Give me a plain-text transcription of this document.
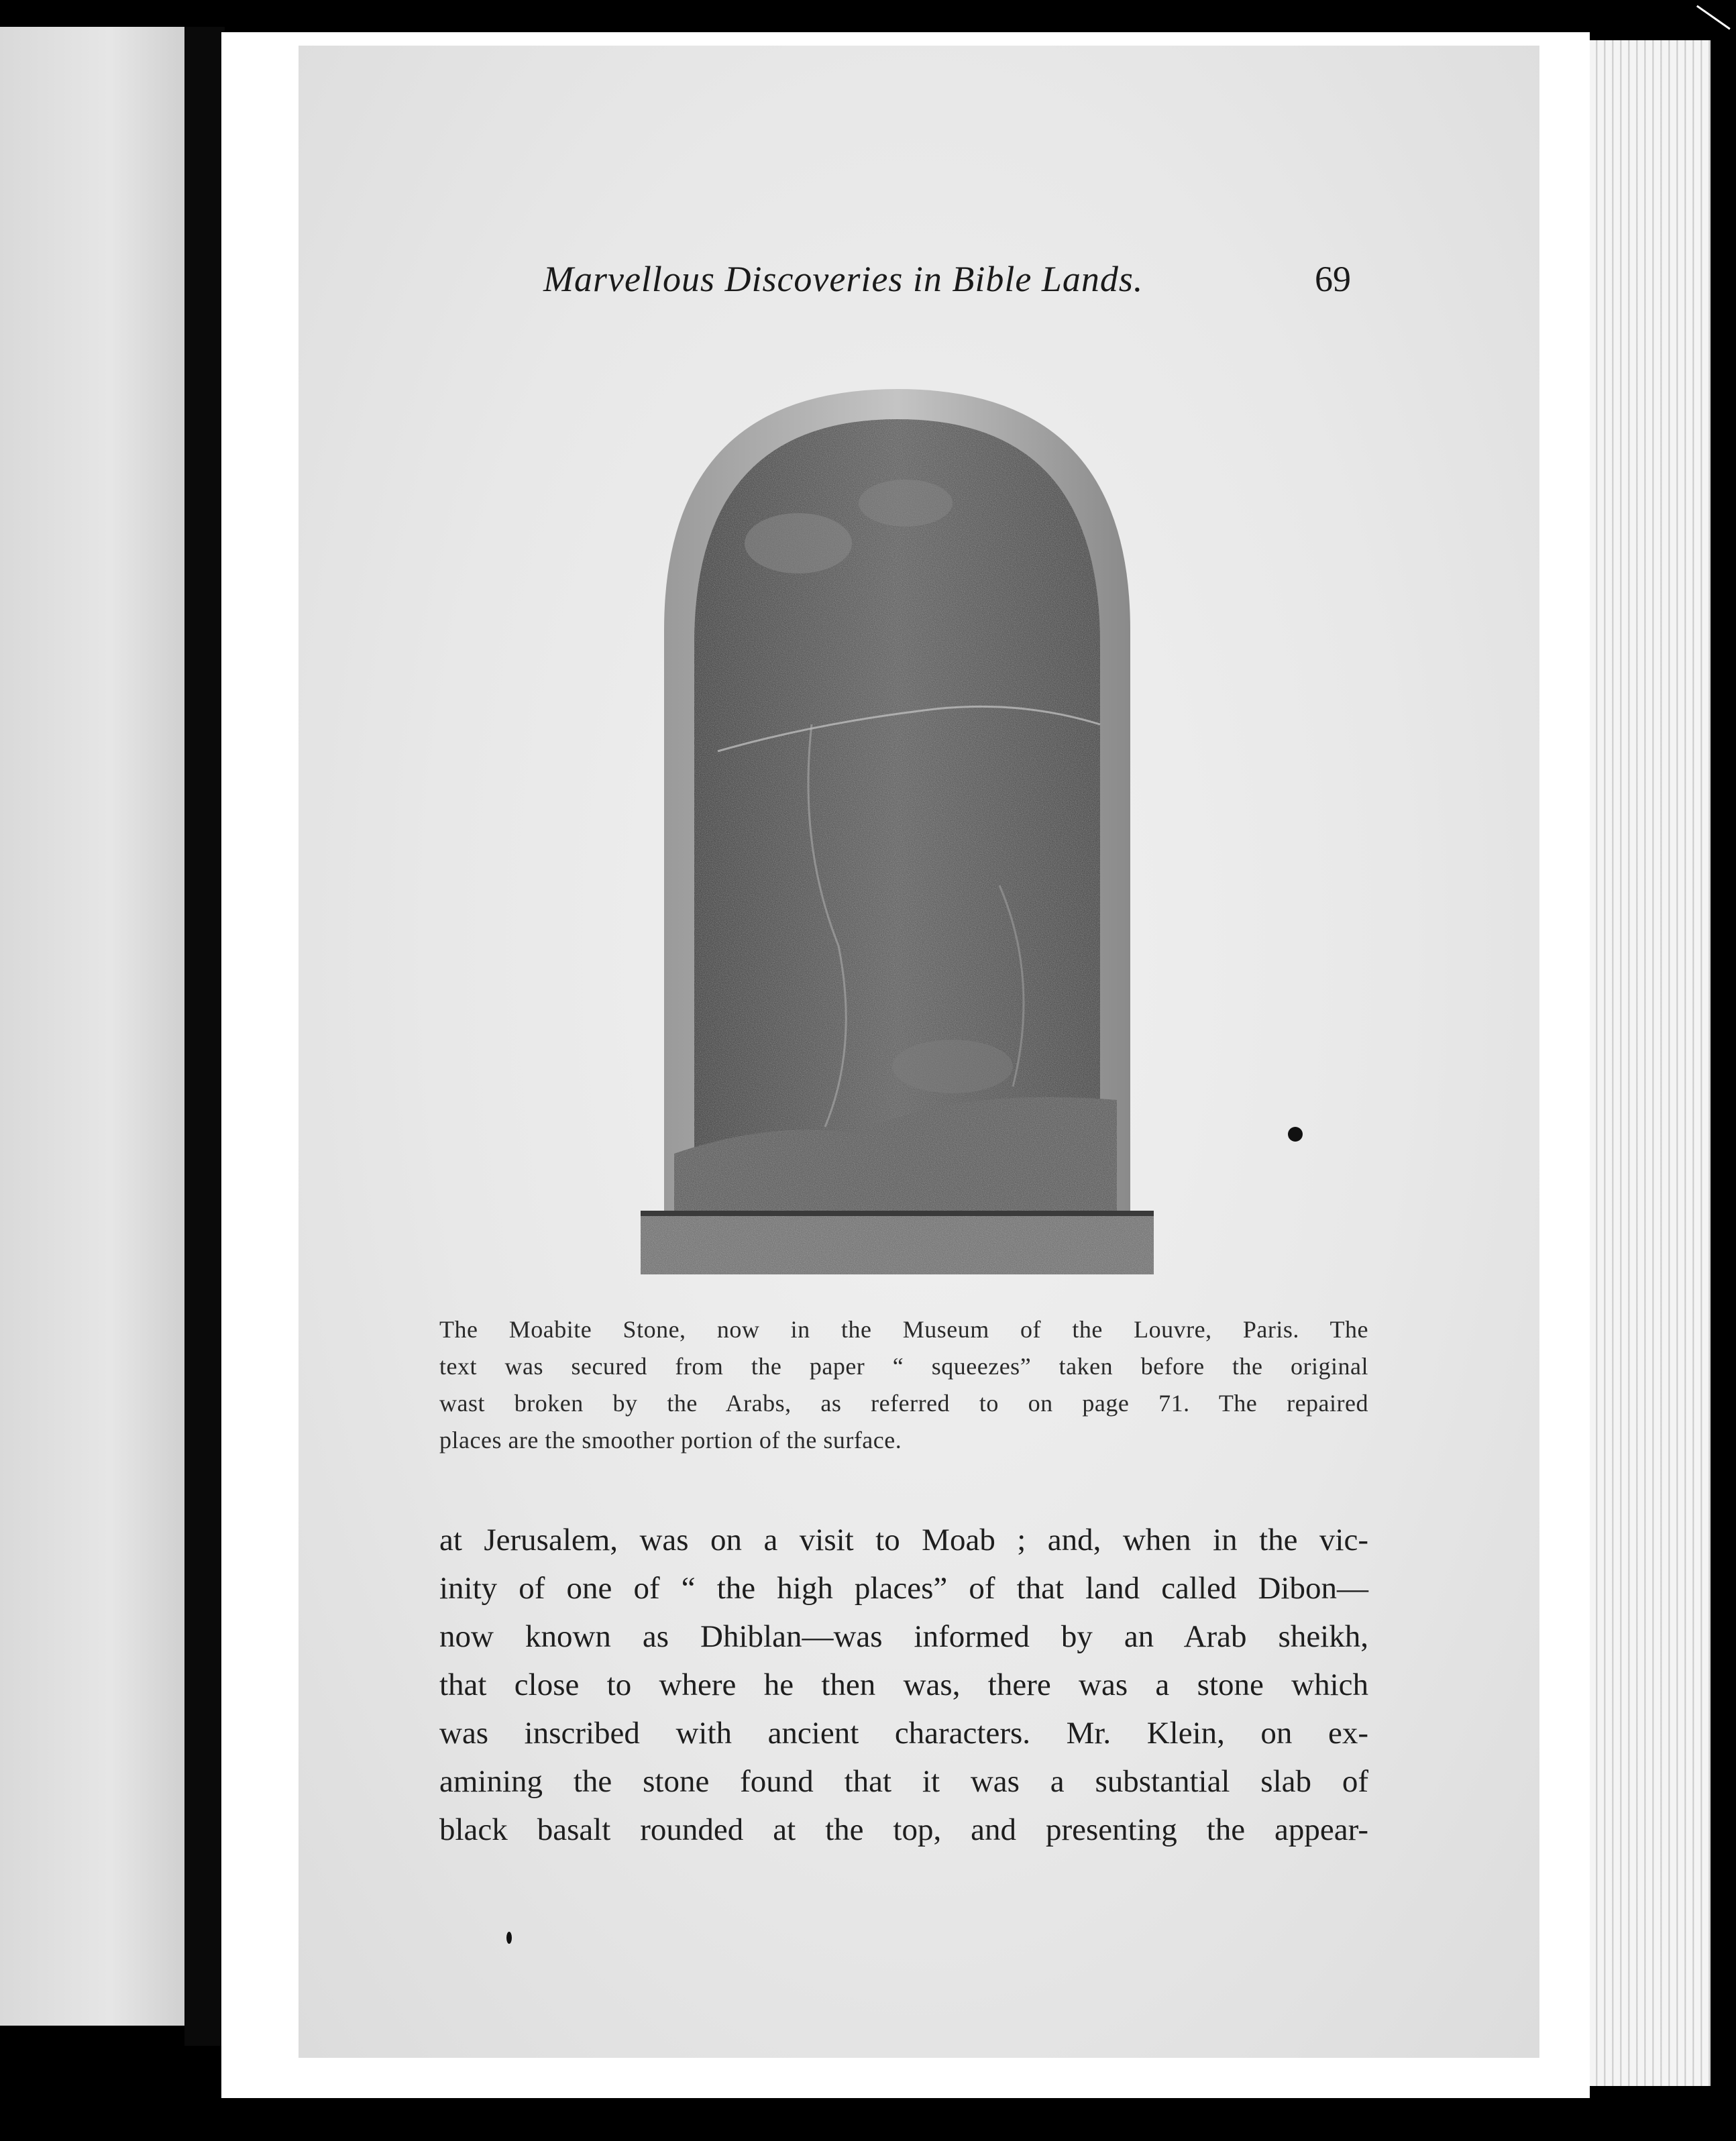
Marvellous Discoveries in Bible Lands.	69
The Moabite Stone, now in the Museum of the Louvre, Paris. The
text was secured from the paper “ squeezes” taken before the original
wast broken by the Arabs, as referred to on page 71. The repaired
places are the smoother portion of the surface.
at Jerusalem, was on a visit to Moab ; and, when in the vic-
inity of one of “ the high places” of that land called Dibon—
now known as Dhiblan—was informed by an Arab sheikh,
that close to where he then was, there was a stone which
was inscribed with ancient characters. Mr. Klein, on ex-
amining the stone found that it was a substantial slab of
black basalt rounded at the top, and presenting the appear-
